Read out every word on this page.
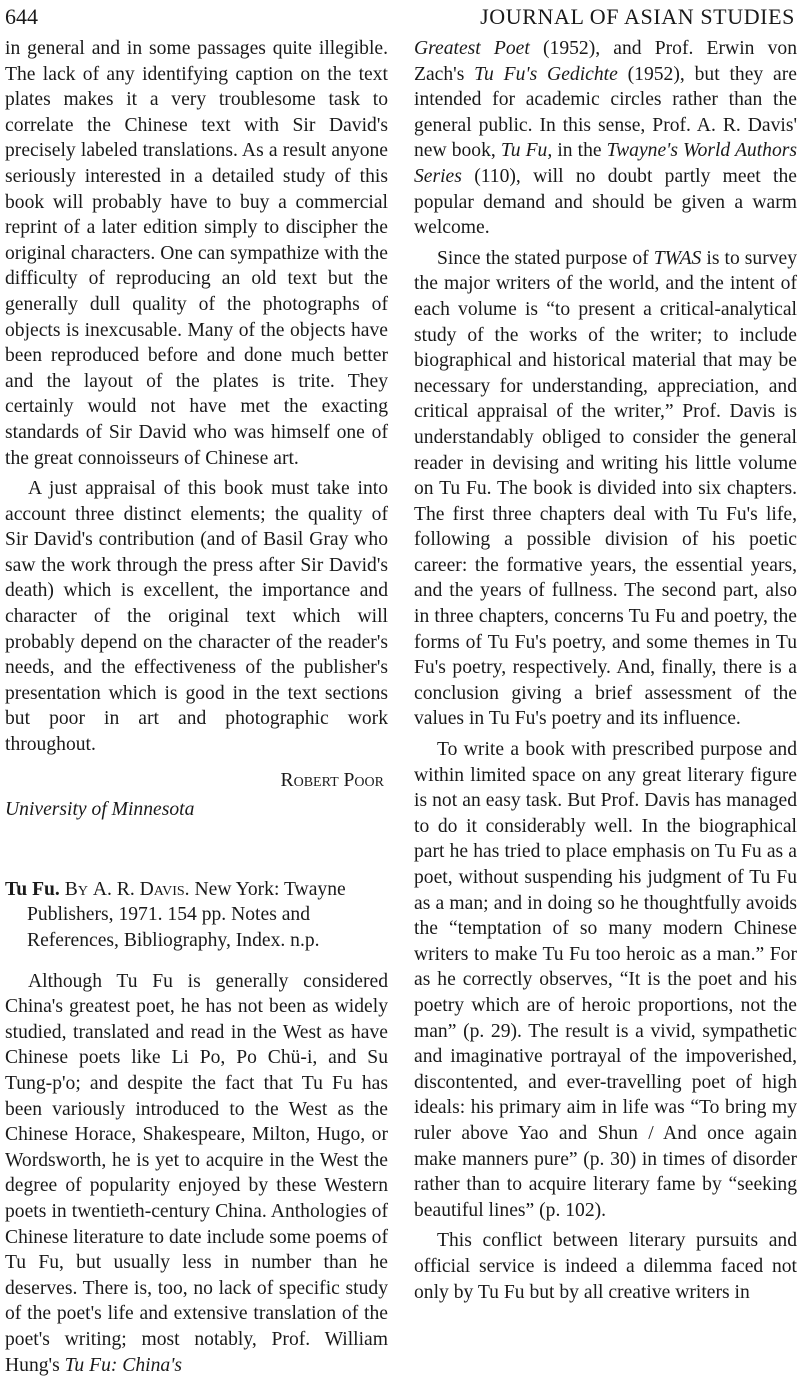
644	JOURNAL OF ASIAN STUDIES

in general and in some passages quite illegible. The lack of any identifying caption on the text plates makes it a very troublesome task to correlate the Chinese text with Sir David's precisely labeled translations. As a result anyone seriously interested in a detailed study of this book will probably have to buy a commercial reprint of a later edition simply to discipher the original characters. One can sympathize with the difficulty of reproducing an old text but the generally dull quality of the photographs of objects is inexcusable. Many of the objects have been reproduced before and done much better and the layout of the plates is trite. They certainly would not have met the exacting standards of Sir David who was himself one of the great connoisseurs of Chinese art.

A just appraisal of this book must take into account three distinct elements; the quality of Sir David's contribution (and of Basil Gray who saw the work through the press after Sir David's death) which is excellent, the importance and character of the original text which will probably depend on the character of the reader's needs, and the effectiveness of the publisher's presentation which is good in the text sections but poor in art and photographic work throughout.

Robert Poor
University of Minnesota

Tu Fu. By A. R. Davis. New York: Twayne Publishers, 1971. 154 pp. Notes and References, Bibliography, Index. n.p.

Although Tu Fu is generally considered China's greatest poet, he has not been as widely studied, translated and read in the West as have Chinese poets like Li Po, Po Chü-i, and Su Tung-p'o; and despite the fact that Tu Fu has been variously introduced to the West as the Chinese Horace, Shakespeare, Milton, Hugo, or Wordsworth, he is yet to acquire in the West the degree of popularity enjoyed by these Western poets in twentieth-century China. Anthologies of Chinese literature to date include some poems of Tu Fu, but usually less in number than he deserves. There is, too, no lack of specific study of the poet's life and extensive translation of the poet's writing; most notably, Prof. William Hung's Tu Fu: China's

Greatest Poet (1952), and Prof. Erwin von Zach's Tu Fu's Gedichte (1952), but they are intended for academic circles rather than the general public. In this sense, Prof. A. R. Davis' new book, Tu Fu, in the Twayne's World Authors Series (110), will no doubt partly meet the popular demand and should be given a warm welcome.

Since the stated purpose of TWAS is to survey the major writers of the world, and the intent of each volume is “to present a critical-analytical study of the works of the writer; to include biographical and historical material that may be necessary for understanding, appreciation, and critical appraisal of the writer,” Prof. Davis is understandably obliged to consider the general reader in devising and writing his little volume on Tu Fu. The book is divided into six chapters. The first three chapters deal with Tu Fu's life, following a possible division of his poetic career: the formative years, the essential years, and the years of fullness. The second part, also in three chapters, concerns Tu Fu and poetry, the forms of Tu Fu's poetry, and some themes in Tu Fu's poetry, respectively. And, finally, there is a conclusion giving a brief assessment of the values in Tu Fu's poetry and its influence.

To write a book with prescribed purpose and within limited space on any great literary figure is not an easy task. But Prof. Davis has managed to do it considerably well. In the biographical part he has tried to place emphasis on Tu Fu as a poet, without suspending his judgment of Tu Fu as a man; and in doing so he thoughtfully avoids the “temptation of so many modern Chinese writers to make Tu Fu too heroic as a man.” For as he correctly observes, “It is the poet and his poetry which are of heroic proportions, not the man” (p. 29). The result is a vivid, sympathetic and imaginative portrayal of the impoverished, discontented, and ever-travelling poet of high ideals: his primary aim in life was “To bring my ruler above Yao and Shun / And once again make manners pure” (p. 30) in times of disorder rather than to acquire literary fame by “seeking beautiful lines” (p. 102).

This conflict between literary pursuits and official service is indeed a dilemma faced not only by Tu Fu but by all creative writers in
